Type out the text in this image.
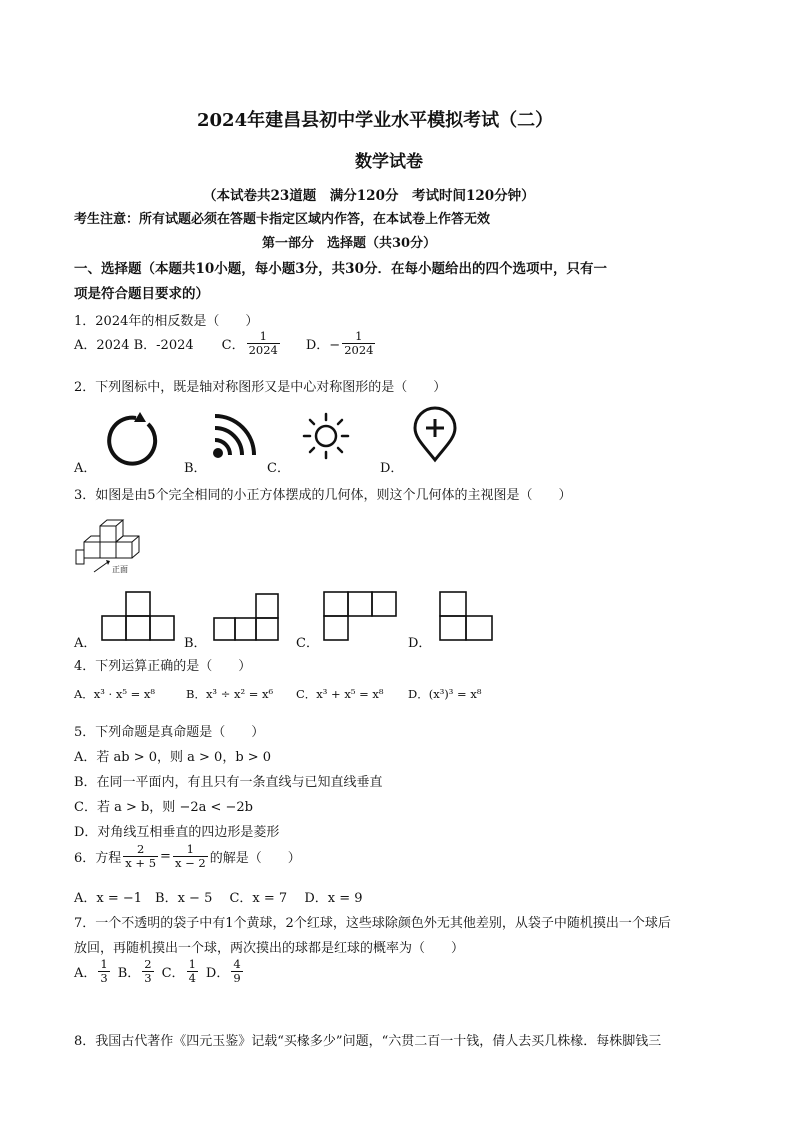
2024年建昌县初中学业水平模拟考试（二）
数学试卷
（本试卷共23道题　满分120分　考试时间120分钟）
考生注意：所有试题必须在答题卡指定区域内作答，在本试卷上作答无效
第一部分　选择题（共30分）
一、选择题（本题共10小题，每小题3分，共30分．在每小题给出的四个选项中，只有一
项是符合题目要求的）
1．2024年的相反数是（　　）
A．2024 B．-2024 C． $\frac{1}{2024}$ D．− $\frac{1}{2024}$
2．下列图标中，既是轴对称图形又是中心对称图形的是（　　）
A．	B．	C．	D．
3．如图是由5个完全相同的小正方体摆成的几何体，则这个几何体的主视图是（　　）
正面
A．	B．	C．	D．
4．下列运算正确的是（　　）
A．x³ · x⁵ = x⁸	B．x³ ÷ x² = x⁶ C．x³ + x⁵ = x⁸ D．(x³)³ = x⁸
5．下列命题是真命题是（　　）
A．若 ab > 0，则 a > 0，b > 0
B．在同一平面内，有且只有一条直线与已知直线垂直
C．若 a > b，则 −2a < −2b
D．对角线互相垂直的四边形是菱形
6．方程 $\frac{2}{x + 5} = \frac{1}{x - 2}$ 的解是（　　）
A．x = −1　B．x − 5　 C．x = 7　 D．x = 9
7．一个不透明的袋子中有1个黄球，2个红球，这些球除颜色外无其他差别，从袋子中随机摸出一个球后
放回，再随机摸出一个球，两次摸出的球都是红球的概率为（　　）
A． $\frac{1}{3}$ B． $\frac{2}{3}$ C． $\frac{1}{4}$ D． $\frac{4}{9}$
8．我国古代著作《四元玉鉴》记载“买椽多少”问题，“六贯二百一十钱，倩人去买几株椽．每株脚钱三
